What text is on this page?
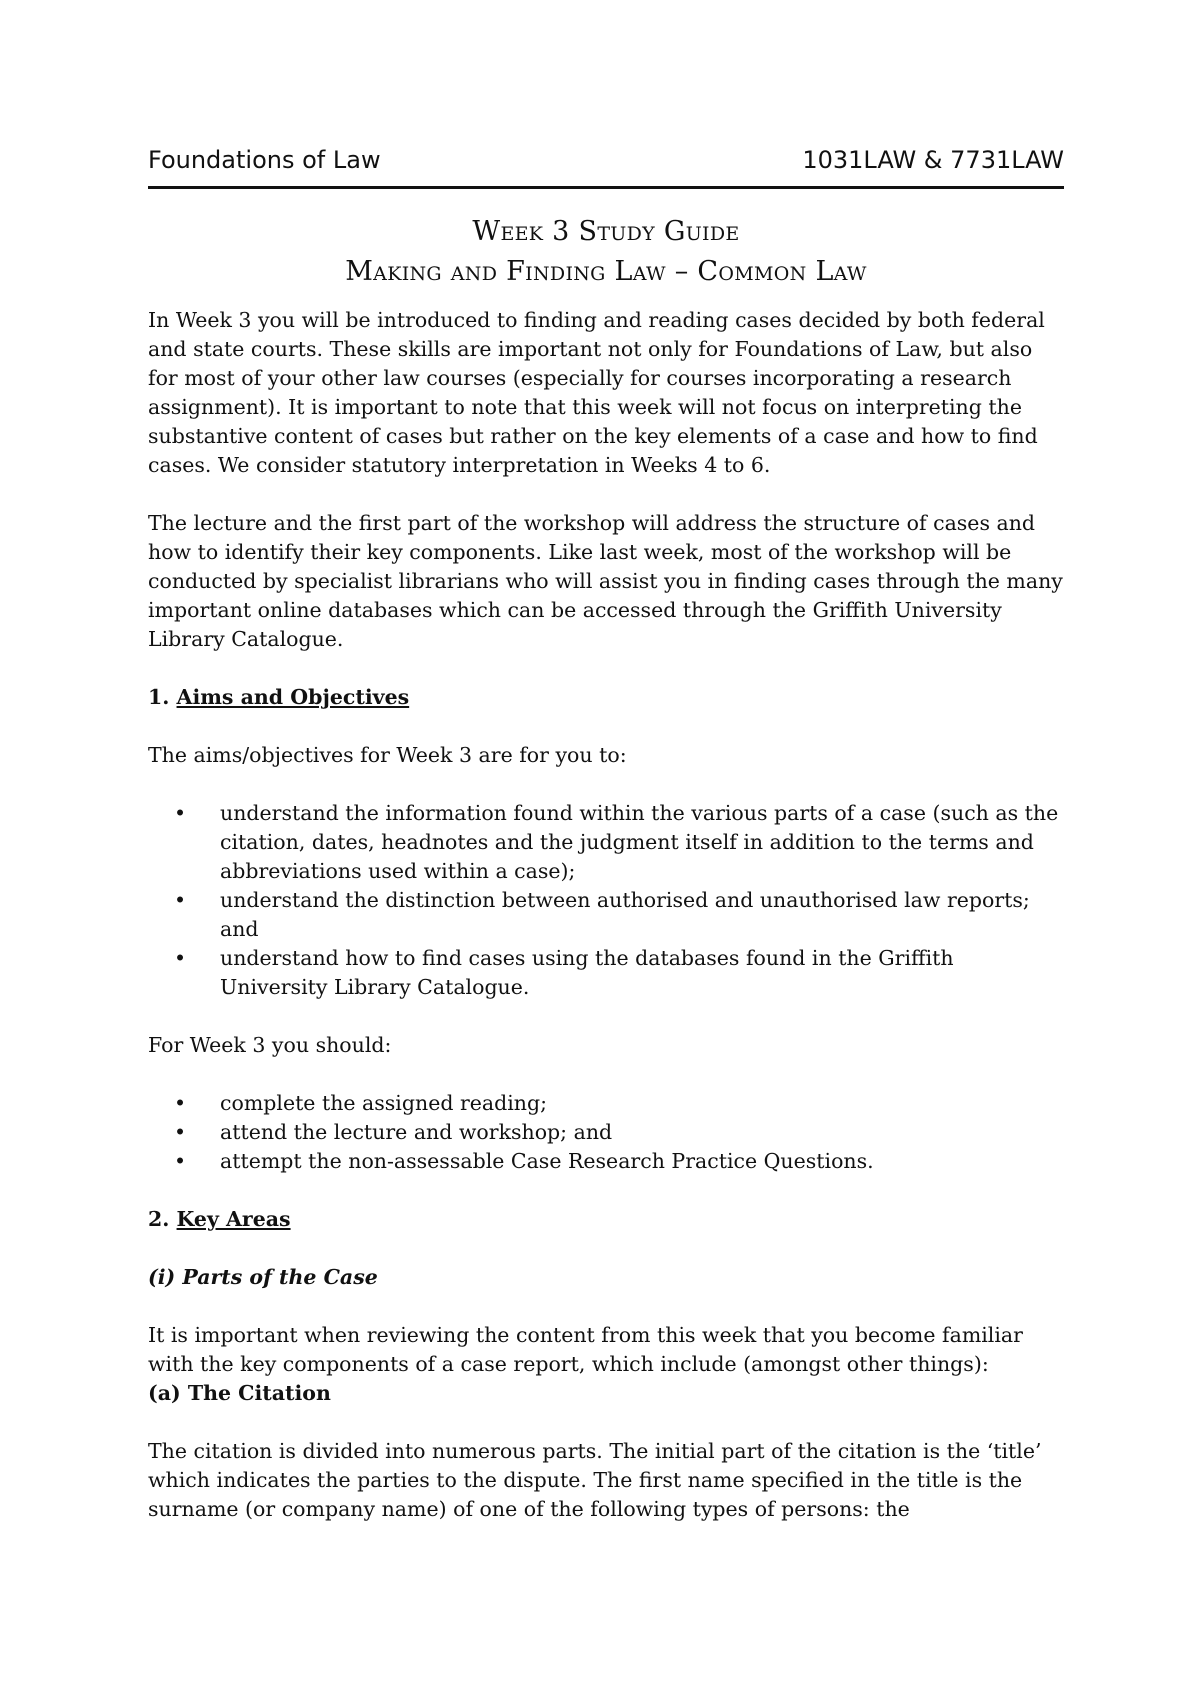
Foundations of Law	1031LAW & 7731LAW
Week 3 Study Guide
Making and Finding Law – Common Law

In Week 3 you will be introduced to finding and reading cases decided by both federal and state courts. These skills are important not only for Foundations of Law, but also for most of your other law courses (especially for courses incorporating a research assignment). It is important to note that this week will not focus on interpreting the substantive content of cases but rather on the key elements of a case and how to find cases. We consider statutory interpretation in Weeks 4 to 6.

The lecture and the first part of the workshop will address the structure of cases and how to identify their key components. Like last week, most of the workshop will be conducted by specialist librarians who will assist you in finding cases through the many important online databases which can be accessed through the Griffith University Library Catalogue.

1. Aims and Objectives

The aims/objectives for Week 3 are for you to:

• understand the information found within the various parts of a case (such as the citation, dates, headnotes and the judgment itself in addition to the terms and abbreviations used within a case);
• understand the distinction between authorised and unauthorised law reports; and
• understand how to find cases using the databases found in the Griffith University Library Catalogue.

For Week 3 you should:

• complete the assigned reading;
• attend the lecture and workshop; and
• attempt the non-assessable Case Research Practice Questions.
2. Key Areas
(i) Parts of the Case

It is important when reviewing the content from this week that you become familiar with the key components of a case report, which include (amongst other things):

(a) The Citation

The citation is divided into numerous parts. The initial part of the citation is the ‘title’ which indicates the parties to the dispute. The first name specified in the title is the surname (or company name) of one of the following types of persons: the
